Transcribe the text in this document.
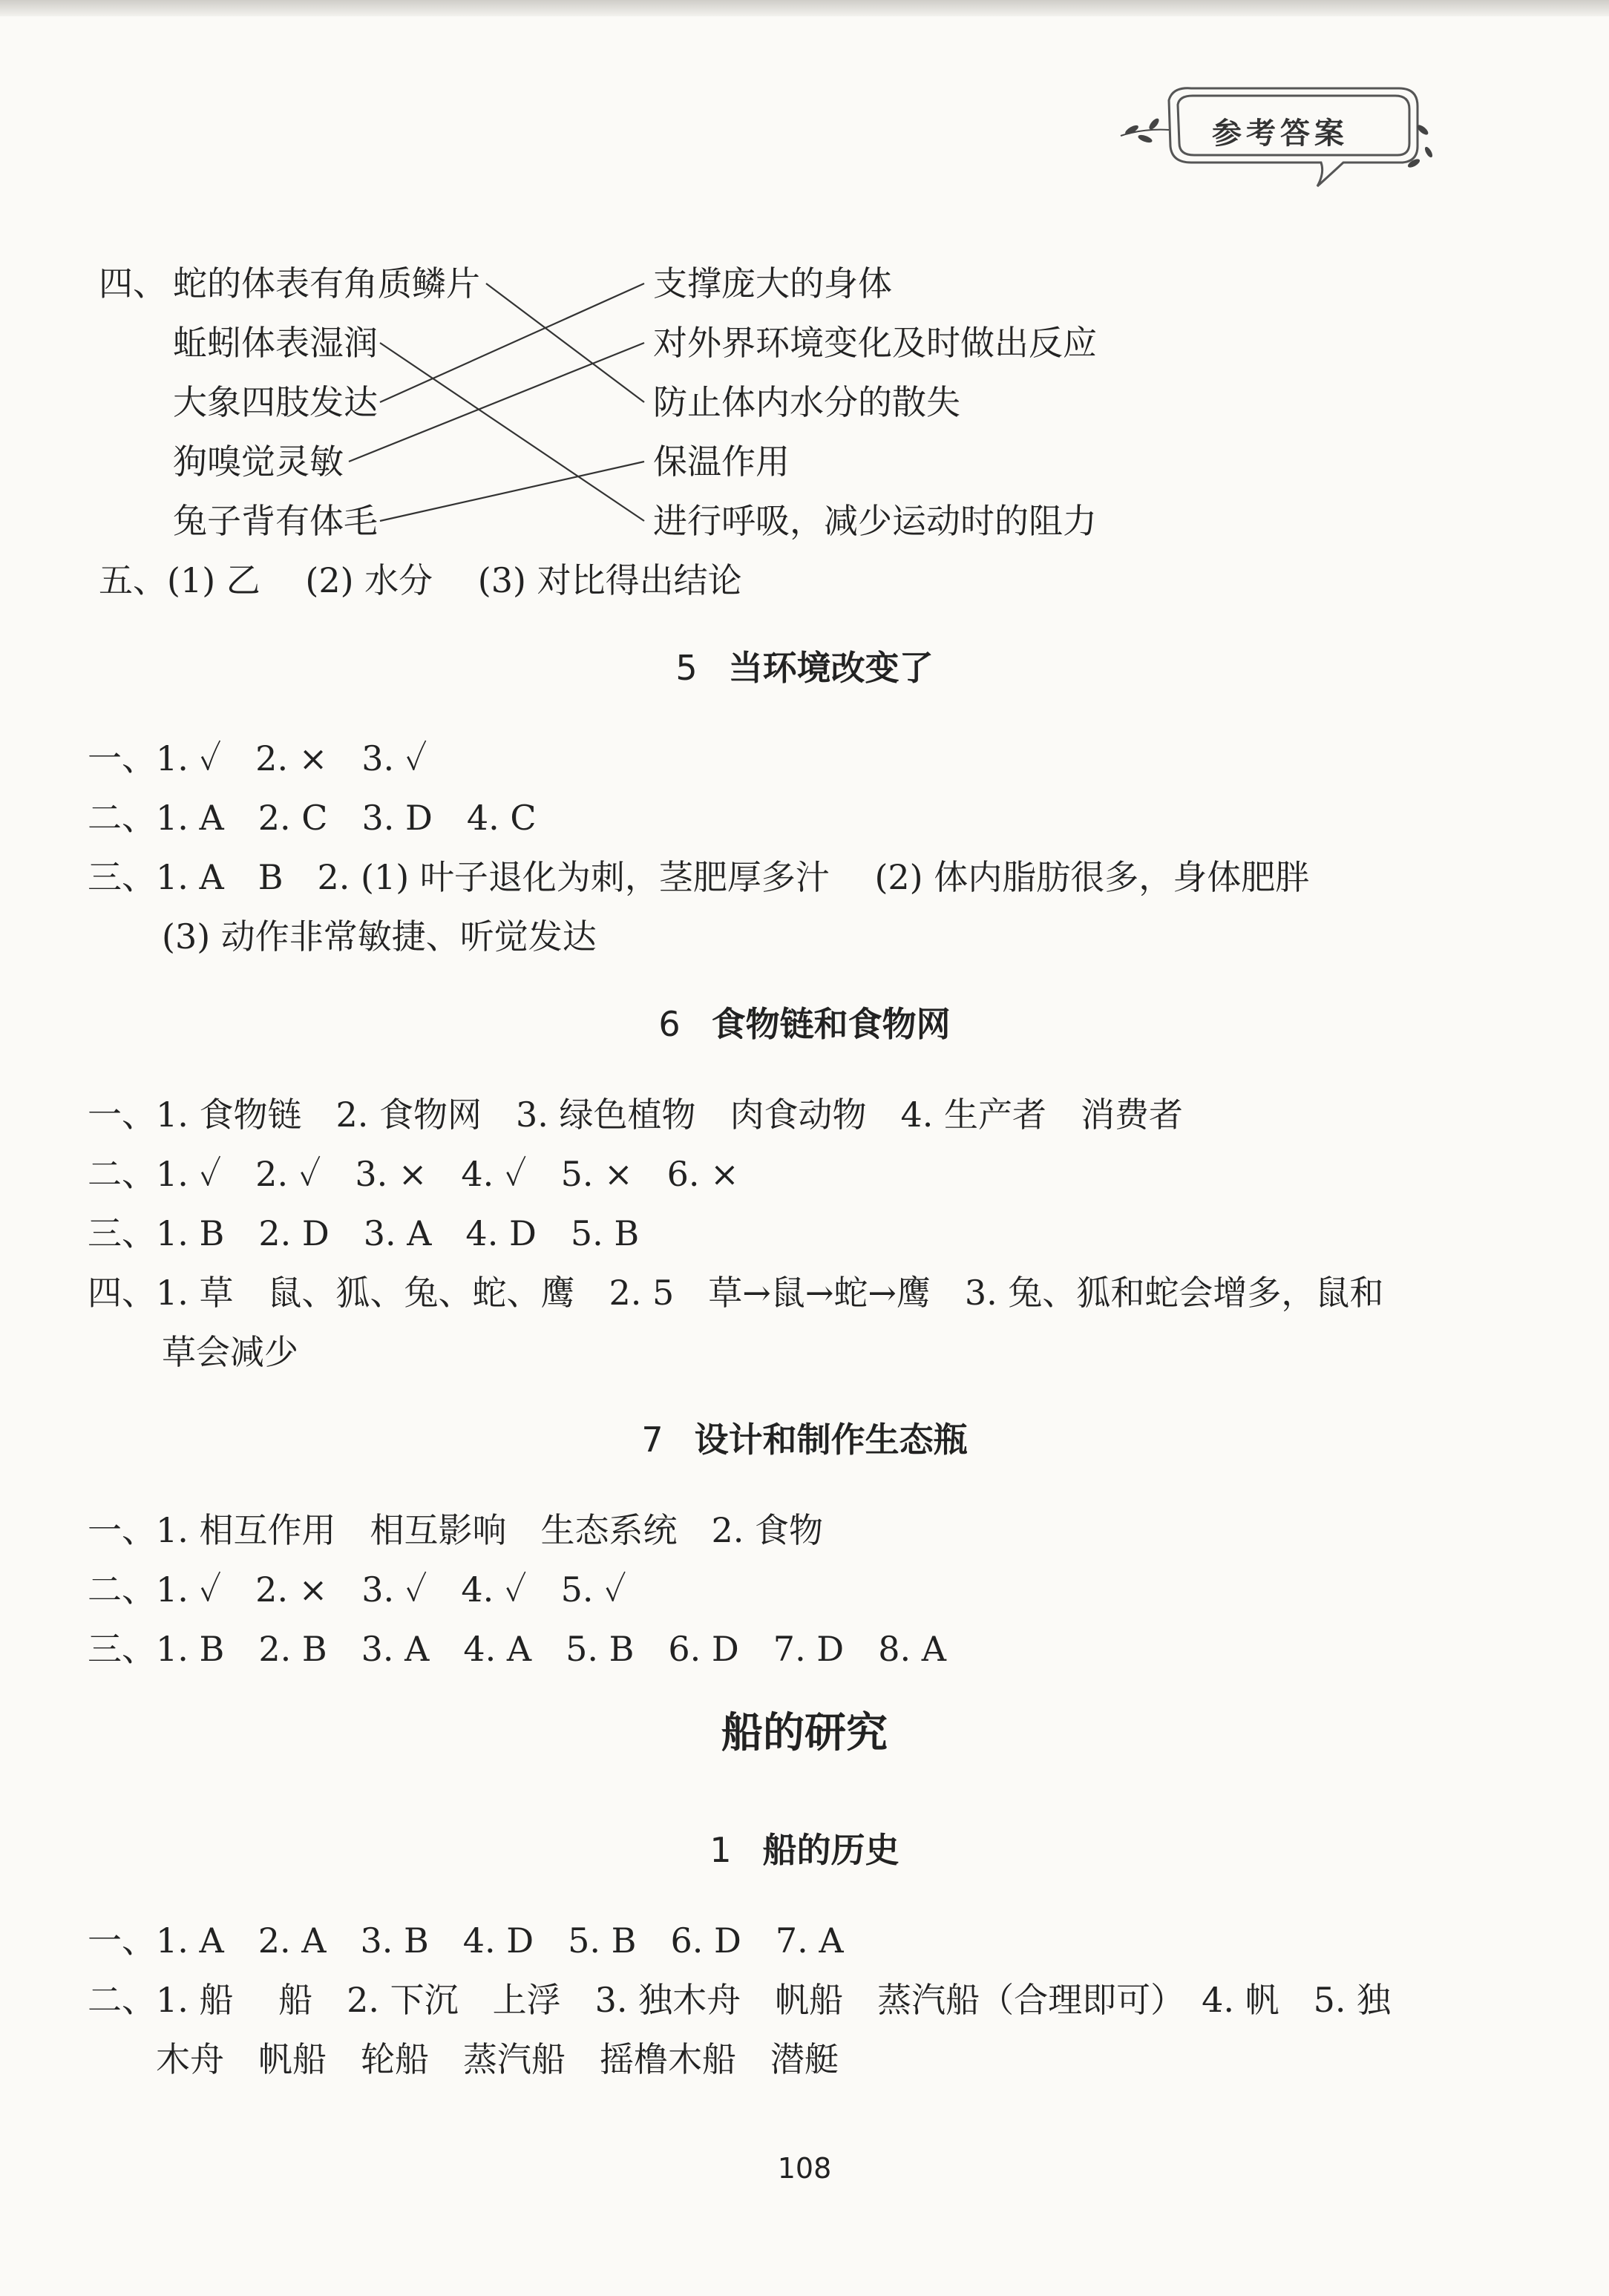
参考答案
四、 蛇的体表有角质鳞片
蚯蚓体表湿润
大象四肢发达
狗嗅觉灵敏
兔子背有体毛
支撑庞大的身体
对外界环境变化及时做出反应
防止体内水分的散失
保温作用
进行呼吸，减少运动时的阻力
五、(1) 乙　 (2) 水分　 (3) 对比得出结论
5 当环境改变了
一、1. ✓　2. ×　3. ✓
二、1. A　2. C　3. D　4. C
三、1. A　B　2. (1) 叶子退化为刺，茎肥厚多汁　 (2) 体内脂肪很多，身体肥胖
(3) 动作非常敏捷、听觉发达
6 食物链和食物网
一、1. 食物链　2. 食物网　3. 绿色植物　肉食动物　4. 生产者　消费者
二、1. ✓　2. ✓　3. ×　4. ✓　5. ×　6. ×
三、1. B　2. D　3. A　4. D　5. B
四、1. 草　鼠、狐、兔、蛇、鹰　2. 5　草→鼠→蛇→鹰　3. 兔、狐和蛇会增多，鼠和
草会减少
7 设计和制作生态瓶
一、1. 相互作用　相互影响　生态系统　2. 食物
二、1. ✓　2. ×　3. ✓　4. ✓　5. ✓
三、1. B　2. B　3. A　4. A　5. B　6. D　7. D　8. A
船的研究
1 船的历史
一、1. A　2. A　3. B　4. D　5. B　6. D　7. A
二、1. 船　 船　2. 下沉　上浮　3. 独木舟　帆船　蒸汽船（合理即可）　4. 帆　5. 独
木舟　帆船　轮船　蒸汽船　摇橹木船　潜艇
108
